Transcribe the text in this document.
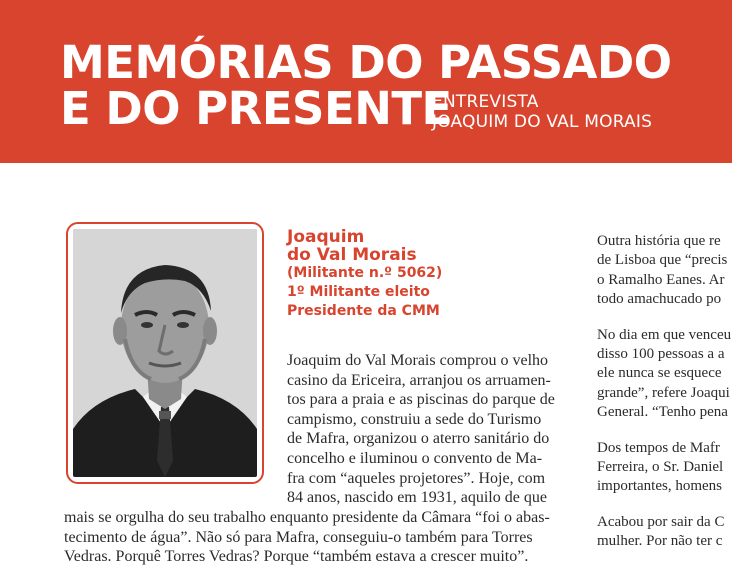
MEMÓRIAS DO PASSADO
E DO PRESENTE
ENTREVISTA
JOAQUIM DO VAL MORAIS
Joaquim
do Val Morais
(Militante n.º 5062)
1º Militante eleito
Presidente da CMM
Joaquim do Val Morais comprou o velho
casino da Ericeira, arranjou os arruamen-
tos para a praia e as piscinas do parque de
campismo, construiu a sede do Turismo
de Mafra, organizou o aterro sanitário do
concelho e iluminou o convento de Ma-
fra com “aqueles projetores”. Hoje, com
84 anos, nascido em 1931, aquilo de que
mais se orgulha do seu trabalho enquanto presidente da Câmara “foi o abas-
tecimento de água”. Não só para Mafra, conseguiu-o também para Torres
Vedras. Porquê Torres Vedras? Porque “também estava a crescer muito”.
Outra história que re
de Lisboa que “precis
o Ramalho Eanes. Ar
todo amachucado po
No dia em que venceu
disso 100 pessoas a a
ele nunca se esquece
grande”, refere Joaqui
General. “Tenho pena
Dos tempos de Mafr
Ferreira, o Sr. Daniel
importantes, homens
Acabou por sair da C
mulher. Por não ter c
